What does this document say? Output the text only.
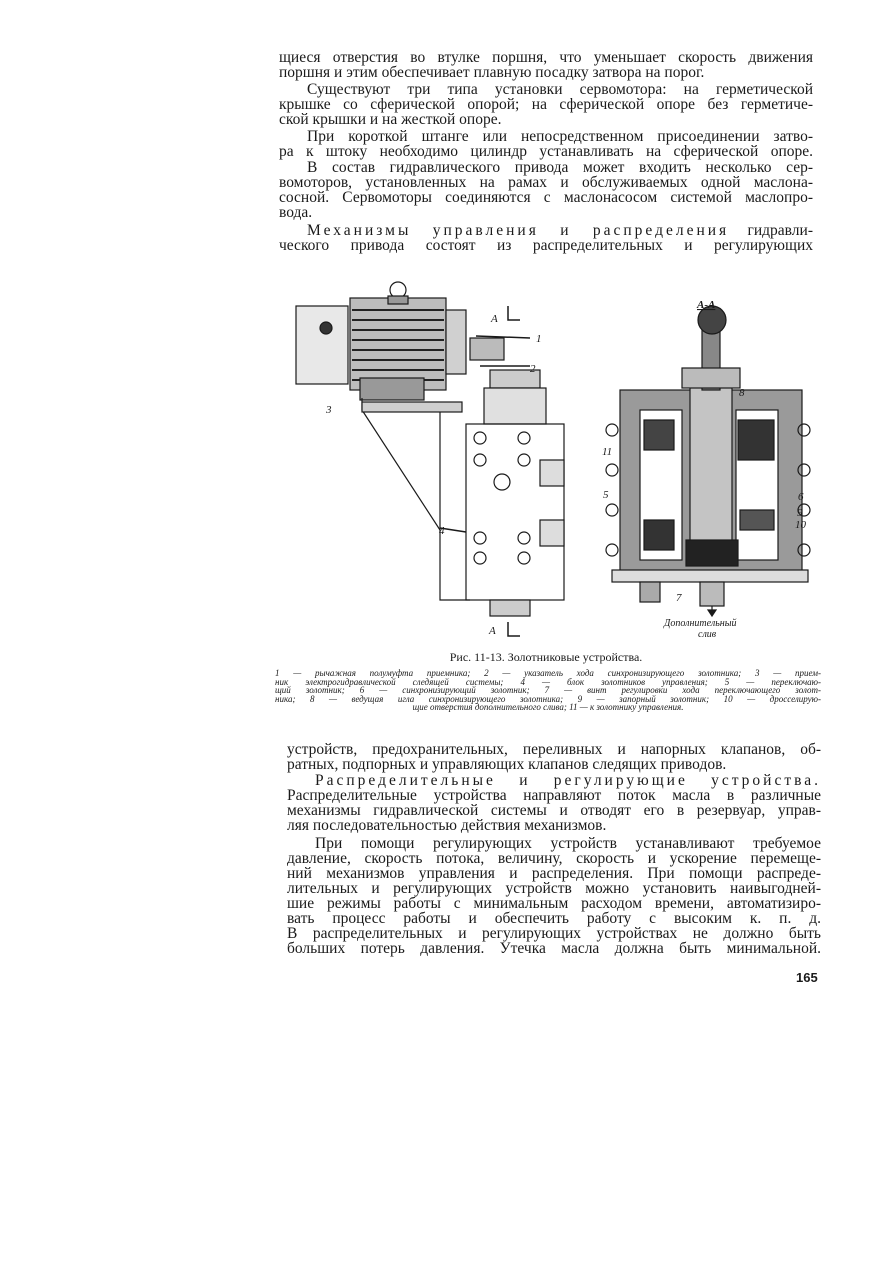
щиеся отверстия во втулке поршня, что уменьшает скорость движения
поршня и этим обеспечивает плавную посадку затвора на порог.
Существуют три типа установки сервомотора: на герметической
крышке со сферической опорой; на сферической опоре без герметиче-
ской крышки и на жесткой опоре.
При короткой штанге или непосредственном присоединении затво-
ра к штоку необходимо цилиндр устанавливать на сферической опоре.
В состав гидравлического привода может входить несколько сер-
вомоторов, установленных на рамах и обслуживаемых одной маслона-
сосной. Сервомоторы соединяются с маслонасосом системой маслопро-
вода.
Механизмы управления и распределения гидравли-
ческого привода состоят из распределительных и регулирующих
А
А
А-А
1
2
3
4
5	6
7
8
9
10
11
Дополнительный
слив
Рис. 11-13. Золотниковые устройства.
1 — рычажная полумуфта приемника; 2 — указатель хода синхронизирующего золотника; 3 — прием-
ник электрогидравлической следящей системы; 4 — блок золотников управления; 5 — переключаю-
щий золотник; 6 — синхронизирующий золотник; 7 — винт регулировки хода переключающего золот-
ника; 8 — ведущая игла синхронизирующего золотника; 9 — запорный золотник; 10 — дросселирую-
щие отверстия дополнительного слива; 11 — к золотнику управления.
устройств, предохранительных, переливных и напорных клапанов, об-
ратных, подпорных и управляющих клапанов следящих приводов.
Распределительные и регулирующие устройства.
Распределительные устройства направляют поток масла в различные
механизмы гидравлической системы и отводят его в резервуар, управ-
ляя последовательностью действия механизмов.
При помощи регулирующих устройств устанавливают требуемое
давление, скорость потока, величину, скорость и ускорение перемеще-
ний механизмов управления и распределения. При помощи распреде-
лительных и регулирующих устройств можно установить наивыгодней-
шие режимы работы с минимальным расходом времени, автоматизиро-
вать процесс работы и обеспечить работу с высоким к. п. д.
В распределительных и регулирующих устройствах не должно быть
больших потерь давления. Утечка масла должна быть минимальной.
165
